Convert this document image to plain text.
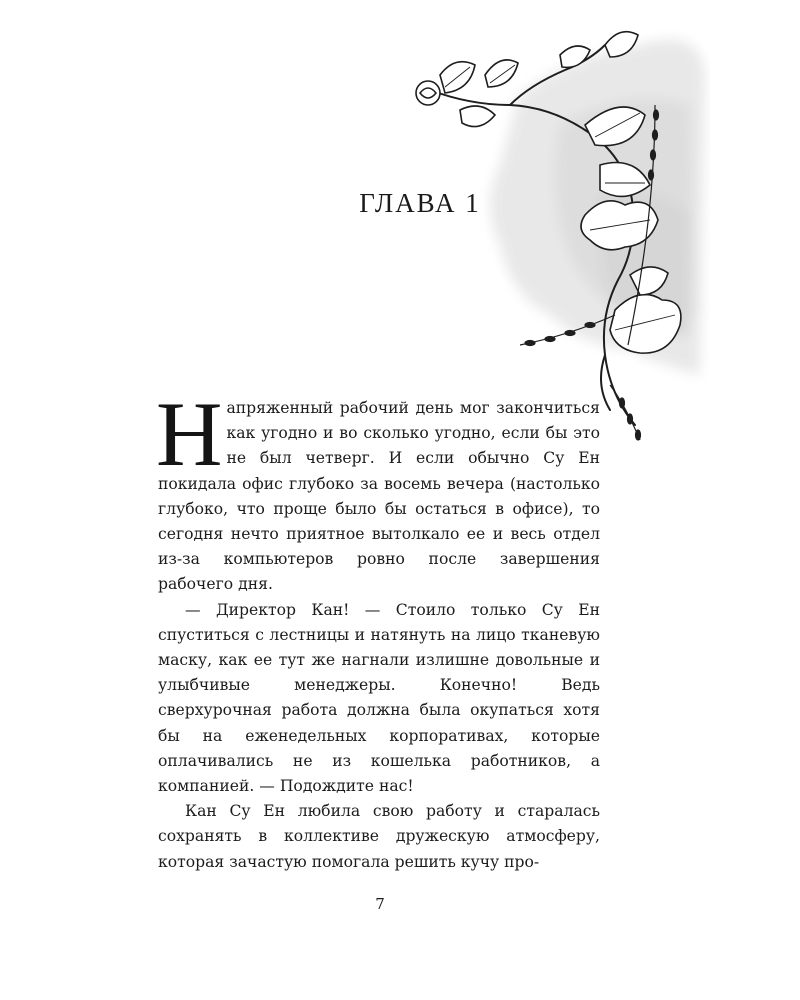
ГЛАВА 1

Напряженный рабочий день мог закончиться как угодно и во сколько угодно, если бы это не был четверг. И если обычно Су Ен покидала офис глубоко за восемь вечера (настолько глубоко, что проще было бы остаться в офисе), то сегодня нечто приятное вытолкало ее и весь отдел из-за компьютеров ровно после завершения рабочего дня.

— Директор Кан! — Стоило только Су Ен спуститься с лестницы и натянуть на лицо тканевую маску, как ее тут же нагнали излишне довольные и улыбчивые менеджеры. Конечно! Ведь сверхурочная работа должна была окупаться хотя бы на еженедельных корпоративах, которые оплачивались не из кошелька работников, а компанией. — Подождите нас!

Кан Су Ен любила свою работу и старалась сохранять в коллективе дружескую атмосферу, которая зачастую помогала решить кучу про-

7
